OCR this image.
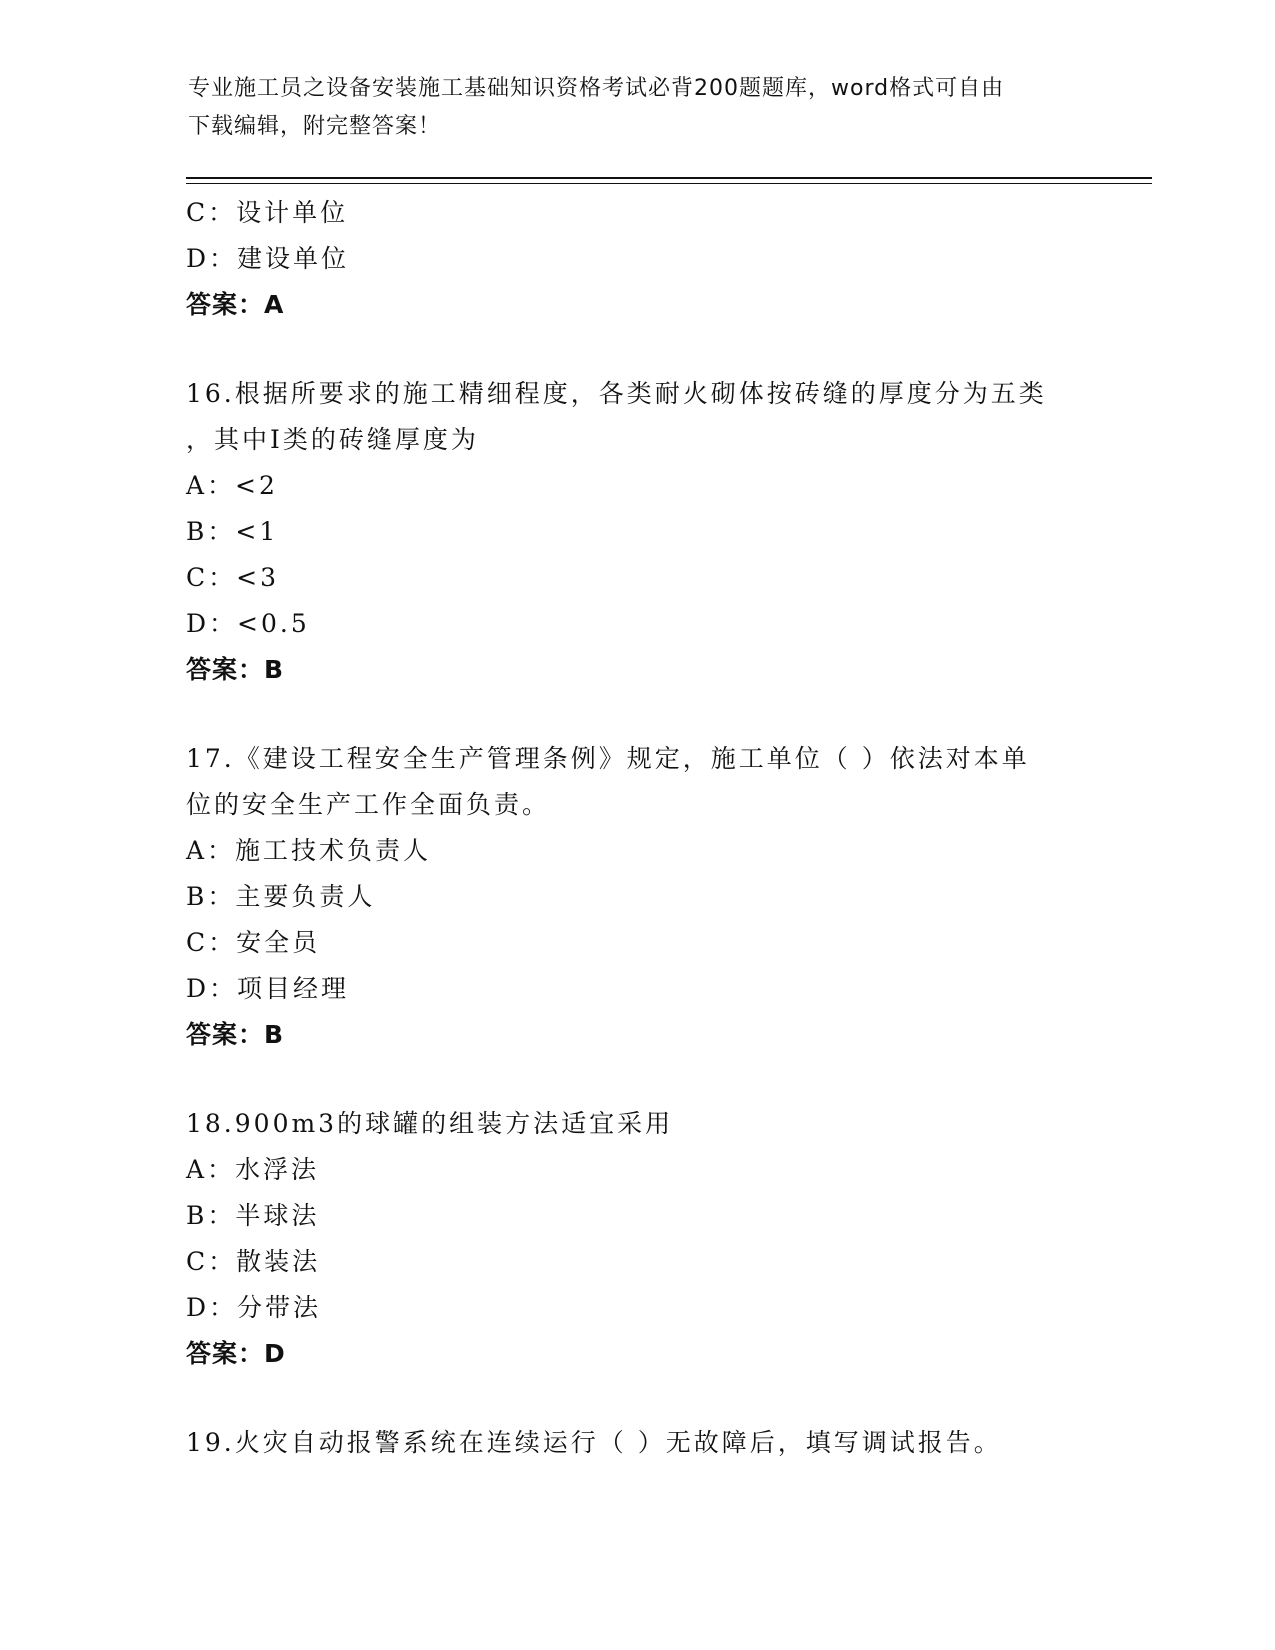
专业施工员之设备安装施工基础知识资格考试必背200题题库，word格式可自由
下载编辑，附完整答案！
C：设计单位
D：建设单位
答案：A
16.根据所要求的施工精细程度，各类耐火砌体按砖缝的厚度分为五类
，其中Ⅰ类的砖缝厚度为
A：<2
B：<1
C：<3
D：<0.5
答案：B
17.《建设工程安全生产管理条例》规定，施工单位（ ）依法对本单
位的安全生产工作全面负责。
A：施工技术负责人
B：主要负责人
C：安全员
D：项目经理
答案：B
18.900m3的球罐的组装方法适宜采用
A：水浮法
B：半球法
C：散装法
D：分带法
答案：D
19.火灾自动报警系统在连续运行（ ）无故障后，填写调试报告。
